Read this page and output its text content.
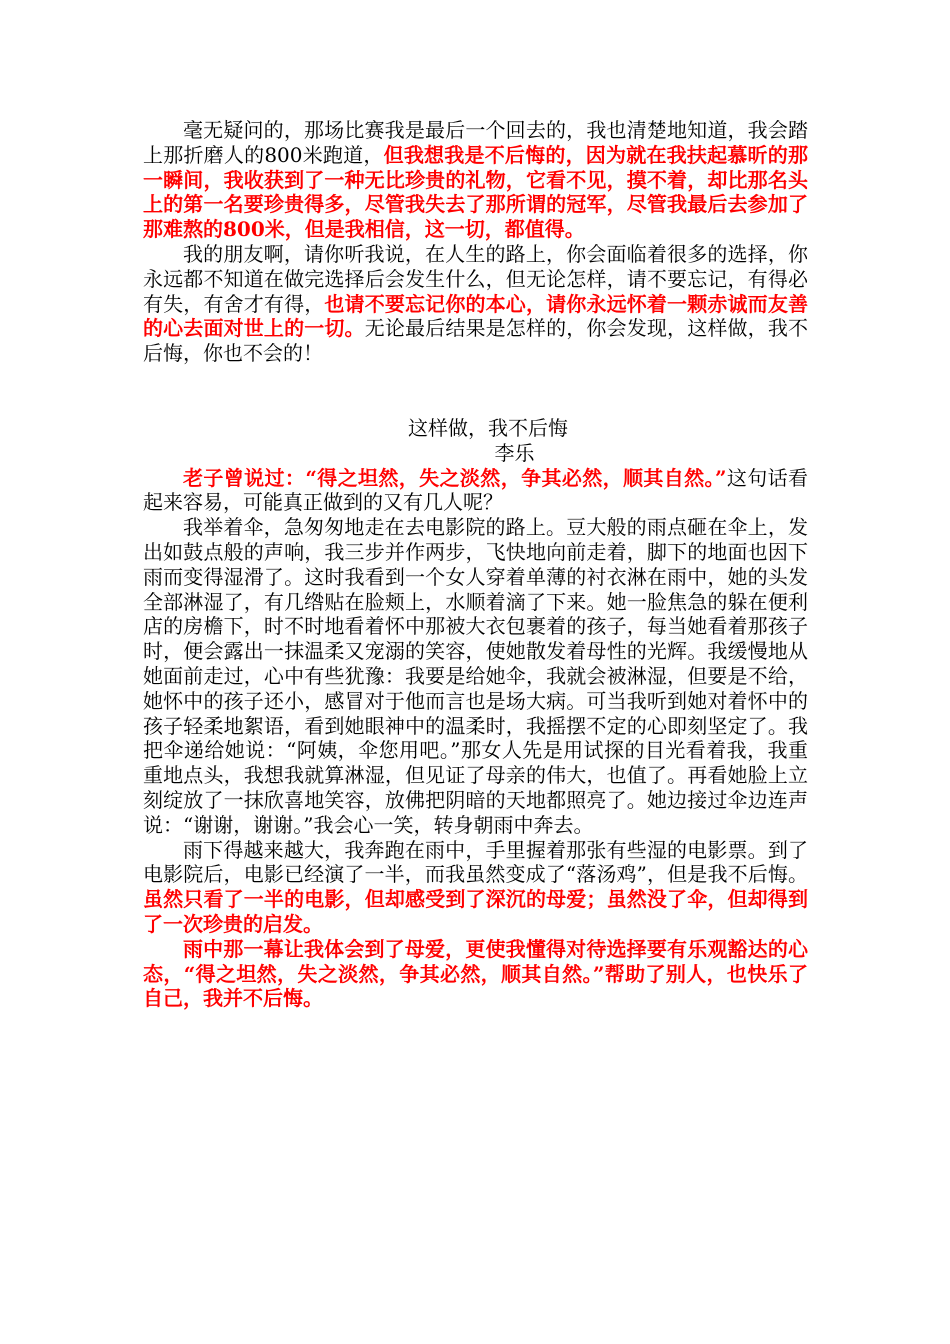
毫无疑问的，那场比赛我是最后一个回去的，我也清楚地知道，我会踏上那折磨人的800米跑道，但我想我是不后悔的，因为就在我扶起慕昕的那一瞬间，我收获到了一种无比珍贵的礼物，它看不见，摸不着，却比那名头上的第一名要珍贵得多，尽管我失去了那所谓的冠军，尽管我最后去参加了那难熬的800米，但是我相信，这一切，都值得。

我的朋友啊，请你听我说，在人生的路上，你会面临着很多的选择，你永远都不知道在做完选择后会发生什么，但无论怎样，请不要忘记，有得必有失，有舍才有得，也请不要忘记你的本心，请你永远怀着一颗赤诚而友善的心去面对世上的一切。无论最后结果是怎样的，你会发现，这样做，我不后悔，你也不会的！

这样做，我不后悔

李乐

老子曾说过：“得之坦然，失之淡然，争其必然，顺其自然。”这句话看起来容易，可能真正做到的又有几人呢？

我举着伞，急匆匆地走在去电影院的路上。豆大般的雨点砸在伞上，发出如鼓点般的声响，我三步并作两步，飞快地向前走着，脚下的地面也因下雨而变得湿滑了。这时我看到一个女人穿着单薄的衬衣淋在雨中，她的头发全部淋湿了，有几绺贴在脸颊上，水顺着滴了下来。她一脸焦急的躲在便利店的房檐下，时不时地看着怀中那被大衣包裹着的孩子，每当她看着那孩子时，便会露出一抹温柔又宠溺的笑容，使她散发着母性的光辉。我缓慢地从她面前走过，心中有些犹豫：我要是给她伞，我就会被淋湿，但要是不给，她怀中的孩子还小，感冒对于他而言也是场大病。可当我听到她对着怀中的孩子轻柔地絮语，看到她眼神中的温柔时，我摇摆不定的心即刻坚定了。我把伞递给她说：“阿姨，伞您用吧。”那女人先是用试探的目光看着我，我重重地点头，我想我就算淋湿，但见证了母亲的伟大，也值了。再看她脸上立刻绽放了一抹欣喜地笑容，放佛把阴暗的天地都照亮了。她边接过伞边连声说：“谢谢，谢谢。”我会心一笑，转身朝雨中奔去。

雨下得越来越大，我奔跑在雨中，手里握着那张有些湿的电影票。到了电影院后，电影已经演了一半，而我虽然变成了“落汤鸡”，但是我不后悔。虽然只看了一半的电影，但却感受到了深沉的母爱；虽然没了伞，但却得到了一次珍贵的启发。

雨中那一幕让我体会到了母爱，更使我懂得对待选择要有乐观豁达的心态，“得之坦然，失之淡然，争其必然，顺其自然。”帮助了别人，也快乐了自己，我并不后悔。
